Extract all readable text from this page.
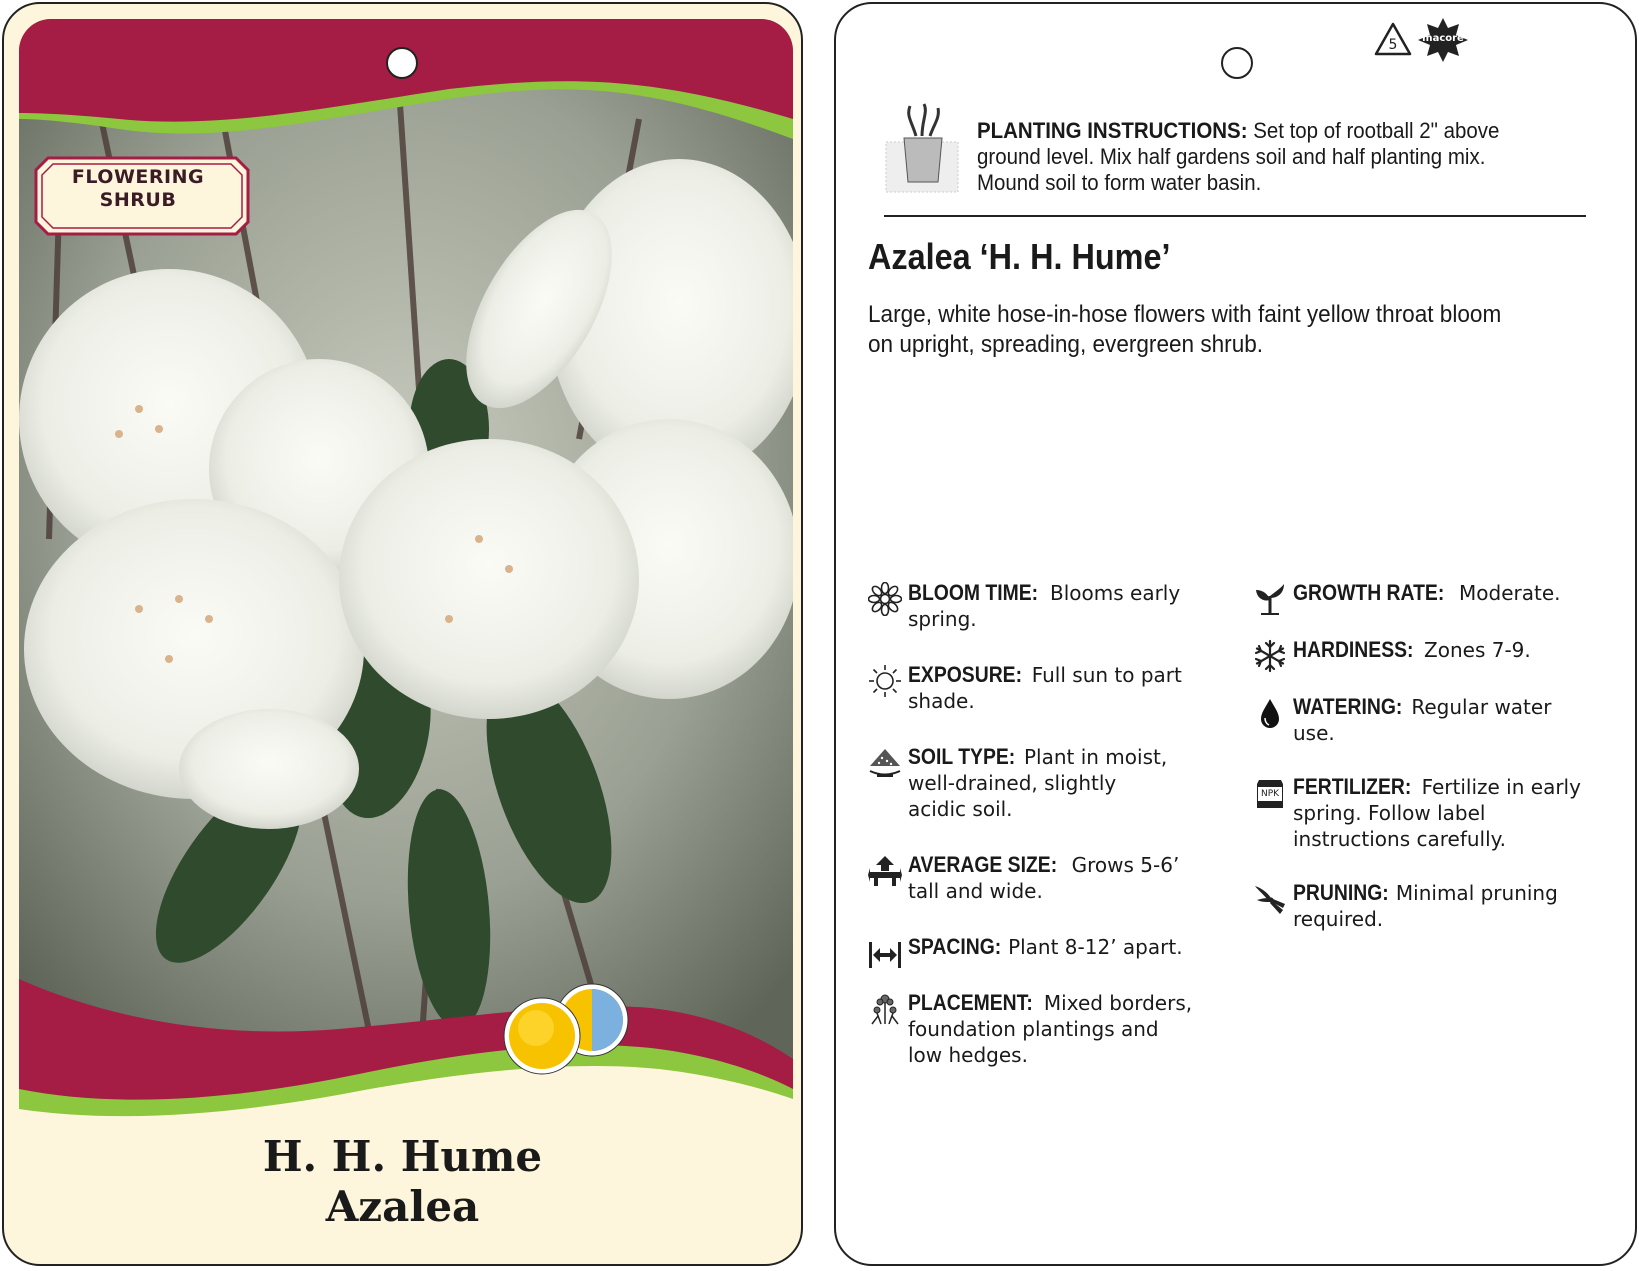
FLOWERING
SHRUB
H. H. Hume
Azalea
5	macore
PLANTING INSTRUCTIONS: Set top of rootball 2" above
ground level. Mix half gardens soil and half planting mix.
Mound soil to form water basin.
Azalea ‘H. H. Hume’
Large, white hose-in-hose flowers with faint yellow throat bloom
on upright, spreading, evergreen shrub.
BLOOM TIME: Blooms early
spring.
EXPOSURE: Full sun to part
shade.
SOIL TYPE: Plant in moist,
well-drained, slightly
acidic soil.
AVERAGE SIZE: Grows 5-6’
tall and wide.
SPACING: Plant 8-12’ apart.
PLACEMENT: Mixed borders,
foundation plantings and
low hedges.
GROWTH RATE: Moderate.
HARDINESS: Zones 7-9.
WATERING: Regular water
use.
NPK FERTILIZER: Fertilize in early
spring. Follow label
instructions carefully.
PRUNING: Minimal pruning
required.
